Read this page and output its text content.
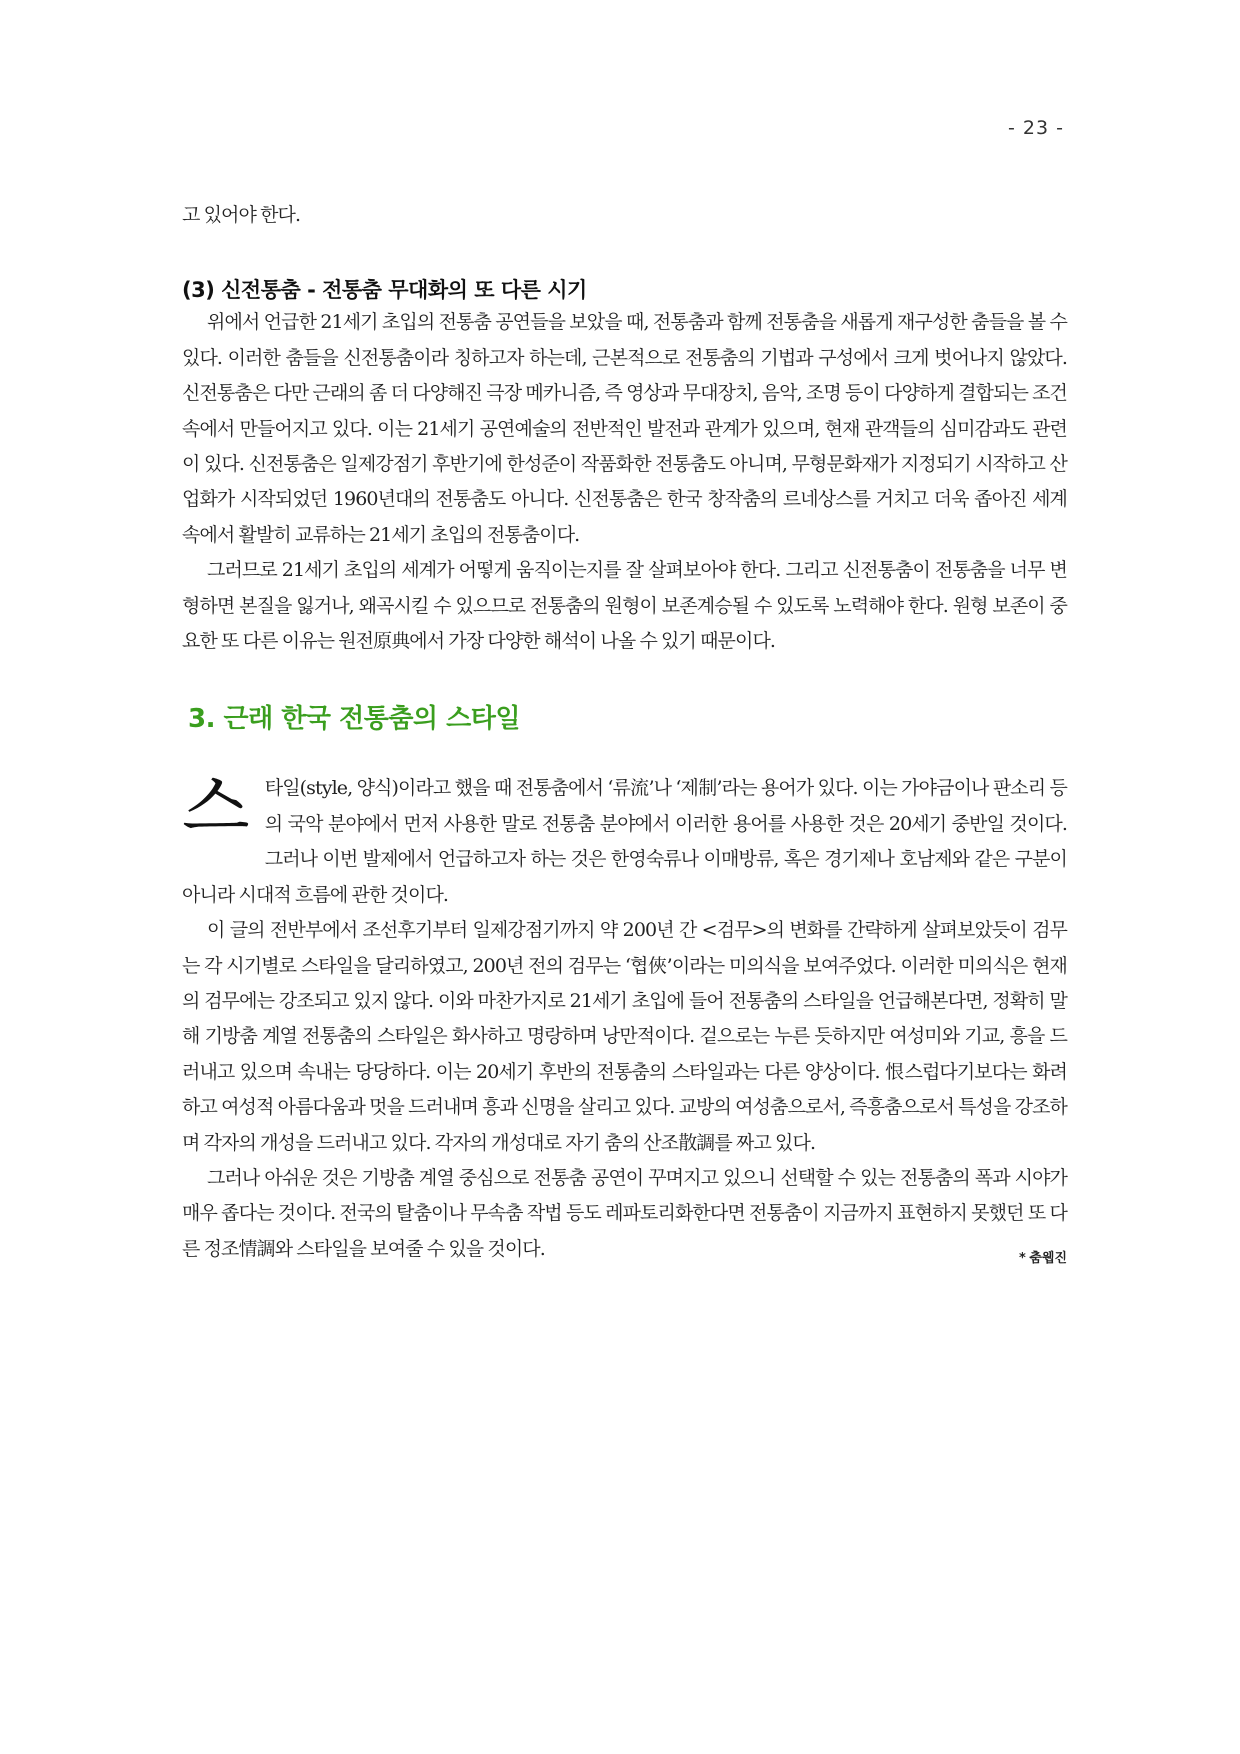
- 23 -

고 있어야 한다.

(3) 신전통춤 - 전통춤 무대화의 또 다른 시기

위에서 언급한 21세기 초입의 전통춤 공연들을 보았을 때, 전통춤과 함께 전통춤을 새롭게 재구성한 춤들을 볼 수 있다. 이러한 춤들을 신전통춤이라 칭하고자 하는데, 근본적으로 전통춤의 기법과 구성에서 크게 벗어나지 않았다. 신전통춤은 다만 근래의 좀 더 다양해진 극장 메카니즘, 즉 영상과 무대장치, 음악, 조명 등이 다양하게 결합되는 조건 속에서 만들어지고 있다. 이는 21세기 공연예술의 전반적인 발전과 관계가 있으며, 현재 관객들의 심미감과도 관련이 있다. 신전통춤은 일제강점기 후반기에 한성준이 작품화한 전통춤도 아니며, 무형문화재가 지정되기 시작하고 산업화가 시작되었던 1960년대의 전통춤도 아니다. 신전통춤은 한국 창작춤의 르네상스를 거치고 더욱 좁아진 세계 속에서 활발히 교류하는 21세기 초입의 전통춤이다.

그러므로 21세기 초입의 세계가 어떻게 움직이는지를 잘 살펴보아야 한다. 그리고 신전통춤이 전통춤을 너무 변형하면 본질을 잃거나, 왜곡시킬 수 있으므로 전통춤의 원형이 보존계승될 수 있도록 노력해야 한다. 원형 보존이 중요한 또 다른 이유는 원전原典에서 가장 다양한 해석이 나올 수 있기 때문이다.

3. 근래 한국 전통춤의 스타일

스타일(style, 양식)이라고 했을 때 전통춤에서 ‘류流’나 ‘제制’라는 용어가 있다. 이는 가야금이나 판소리 등의 국악 분야에서 먼저 사용한 말로 전통춤 분야에서 이러한 용어를 사용한 것은 20세기 중반일 것이다. 그러나 이번 발제에서 언급하고자 하는 것은 한영숙류나 이매방류, 혹은 경기제나 호남제와 같은 구분이 아니라 시대적 흐름에 관한 것이다.

이 글의 전반부에서 조선후기부터 일제강점기까지 약 200년 간 <검무>의 변화를 간략하게 살펴보았듯이 검무는 각 시기별로 스타일을 달리하였고, 200년 전의 검무는 ‘협俠’이라는 미의식을 보여주었다. 이러한 미의식은 현재의 검무에는 강조되고 있지 않다. 이와 마찬가지로 21세기 초입에 들어 전통춤의 스타일을 언급해본다면, 정확히 말해 기방춤 계열 전통춤의 스타일은 화사하고 명랑하며 낭만적이다. 겉으로는 누른 듯하지만 여성미와 기교, 흥을 드러내고 있으며 속내는 당당하다. 이는 20세기 후반의 전통춤의 스타일과는 다른 양상이다. 恨스럽다기보다는 화려하고 여성적 아름다움과 멋을 드러내며 흥과 신명을 살리고 있다. 교방의 여성춤으로서, 즉흥춤으로서 특성을 강조하며 각자의 개성을 드러내고 있다. 각자의 개성대로 자기 춤의 산조散調를 짜고 있다.

그러나 아쉬운 것은 기방춤 계열 중심으로 전통춤 공연이 꾸며지고 있으니 선택할 수 있는 전통춤의 폭과 시야가 매우 좁다는 것이다. 전국의 탈춤이나 무속춤 작법 등도 레파토리화한다면 전통춤이 지금까지 표현하지 못했던 또 다른 정조情調와 스타일을 보여줄 수 있을 것이다.	* 춤웹진
